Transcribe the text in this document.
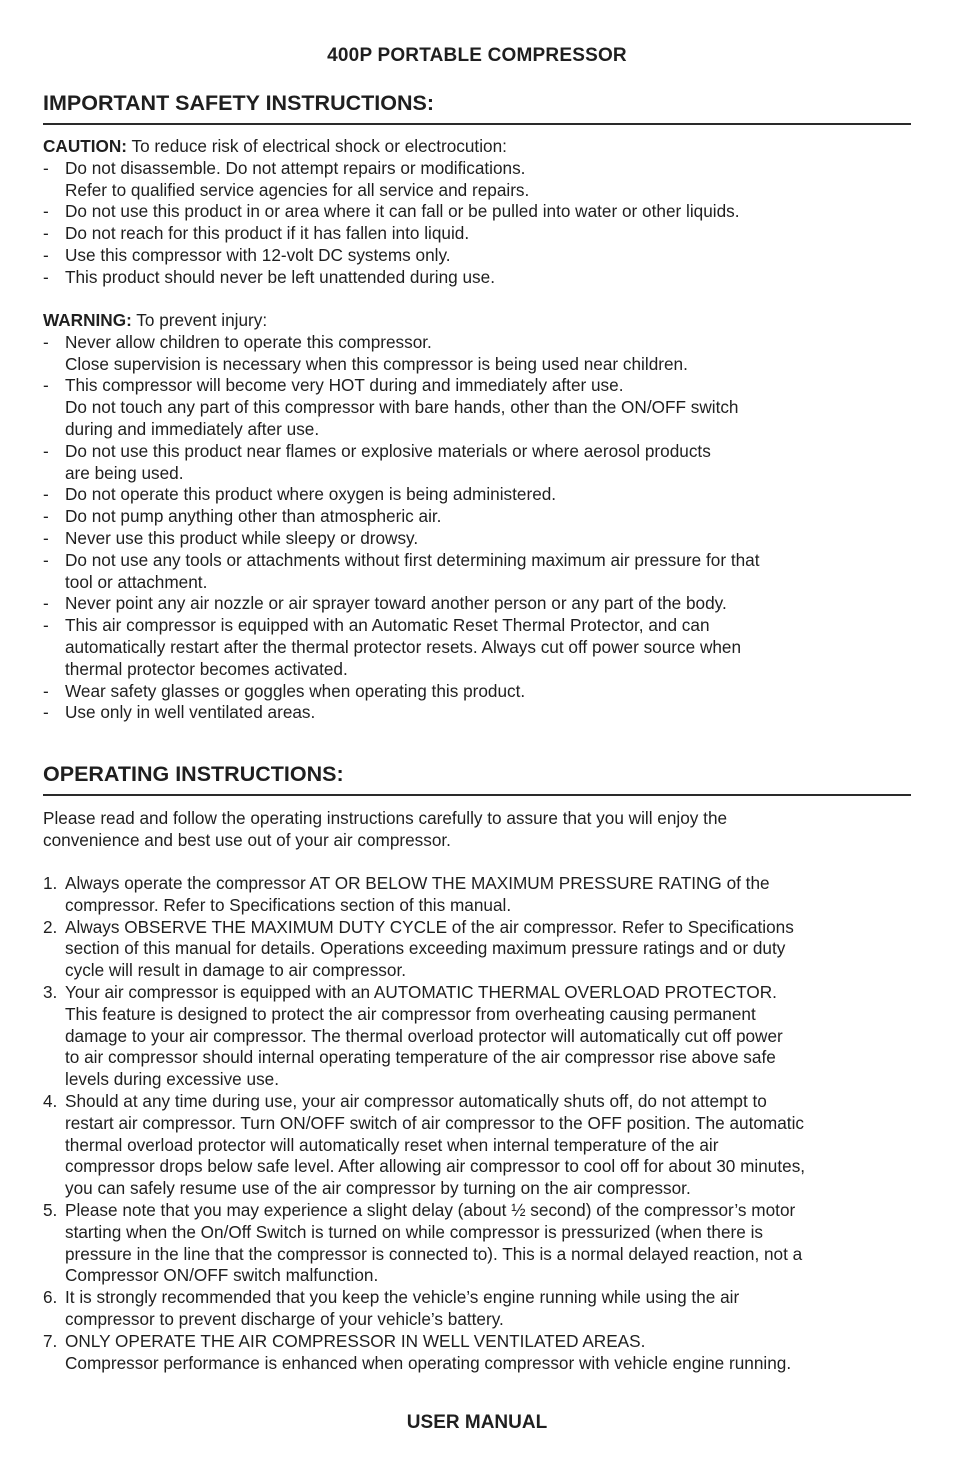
400P PORTABLE COMPRESSOR
IMPORTANT SAFETY INSTRUCTIONS:
CAUTION: To reduce risk of electrical shock or electrocution:
- Do not disassemble. Do not attempt repairs or modifications.
Refer to qualified service agencies for all service and repairs.
- Do not use this product in or area where it can fall or be pulled into water or other liquids.
- Do not reach for this product if it has fallen into liquid.
- Use this compressor with 12-volt DC systems only.
- This product should never be left unattended during use.
WARNING: To prevent injury:
- Never allow children to operate this compressor.
Close supervision is necessary when this compressor is being used near children.
- This compressor will become very HOT during and immediately after use.
Do not touch any part of this compressor with bare hands, other than the ON/OFF switch
during and immediately after use.
- Do not use this product near flames or explosive materials or where aerosol products
are being used.
- Do not operate this product where oxygen is being administered.
- Do not pump anything other than atmospheric air.
- Never use this product while sleepy or drowsy.
- Do not use any tools or attachments without first determining maximum air pressure for that
tool or attachment.
- Never point any air nozzle or air sprayer toward another person or any part of the body.
- This air compressor is equipped with an Automatic Reset Thermal Protector, and can
automatically restart after the thermal protector resets. Always cut off power source when
thermal protector becomes activated.
- Wear safety glasses or goggles when operating this product.
- Use only in well ventilated areas.
OPERATING INSTRUCTIONS:
Please read and follow the operating instructions carefully to assure that you will enjoy the
convenience and best use out of your air compressor.
1. Always operate the compressor AT OR BELOW THE MAXIMUM PRESSURE RATING of the
compressor. Refer to Specifications section of this manual.
2. Always OBSERVE THE MAXIMUM DUTY CYCLE of the air compressor. Refer to Specifications
section of this manual for details. Operations exceeding maximum pressure ratings and or duty
cycle will result in damage to air compressor.
3. Your air compressor is equipped with an AUTOMATIC THERMAL OVERLOAD PROTECTOR.
This feature is designed to protect the air compressor from overheating causing permanent
damage to your air compressor. The thermal overload protector will automatically cut off power
to air compressor should internal operating temperature of the air compressor rise above safe
levels during excessive use.
4. Should at any time during use, your air compressor automatically shuts off, do not attempt to
restart air compressor. Turn ON/OFF switch of air compressor to the OFF position. The automatic
thermal overload protector will automatically reset when internal temperature of the air
compressor drops below safe level. After allowing air compressor to cool off for about 30 minutes,
you can safely resume use of the air compressor by turning on the air compressor.
5. Please note that you may experience a slight delay (about ½ second) of the compressor’s motor
starting when the On/Off Switch is turned on while compressor is pressurized (when there is
pressure in the line that the compressor is connected to). This is a normal delayed reaction, not a
Compressor ON/OFF switch malfunction.
6. It is strongly recommended that you keep the vehicle’s engine running while using the air
compressor to prevent discharge of your vehicle’s battery.
7. ONLY OPERATE THE AIR COMPRESSOR IN WELL VENTILATED AREAS.
Compressor performance is enhanced when operating compressor with vehicle engine running.
USER MANUAL
